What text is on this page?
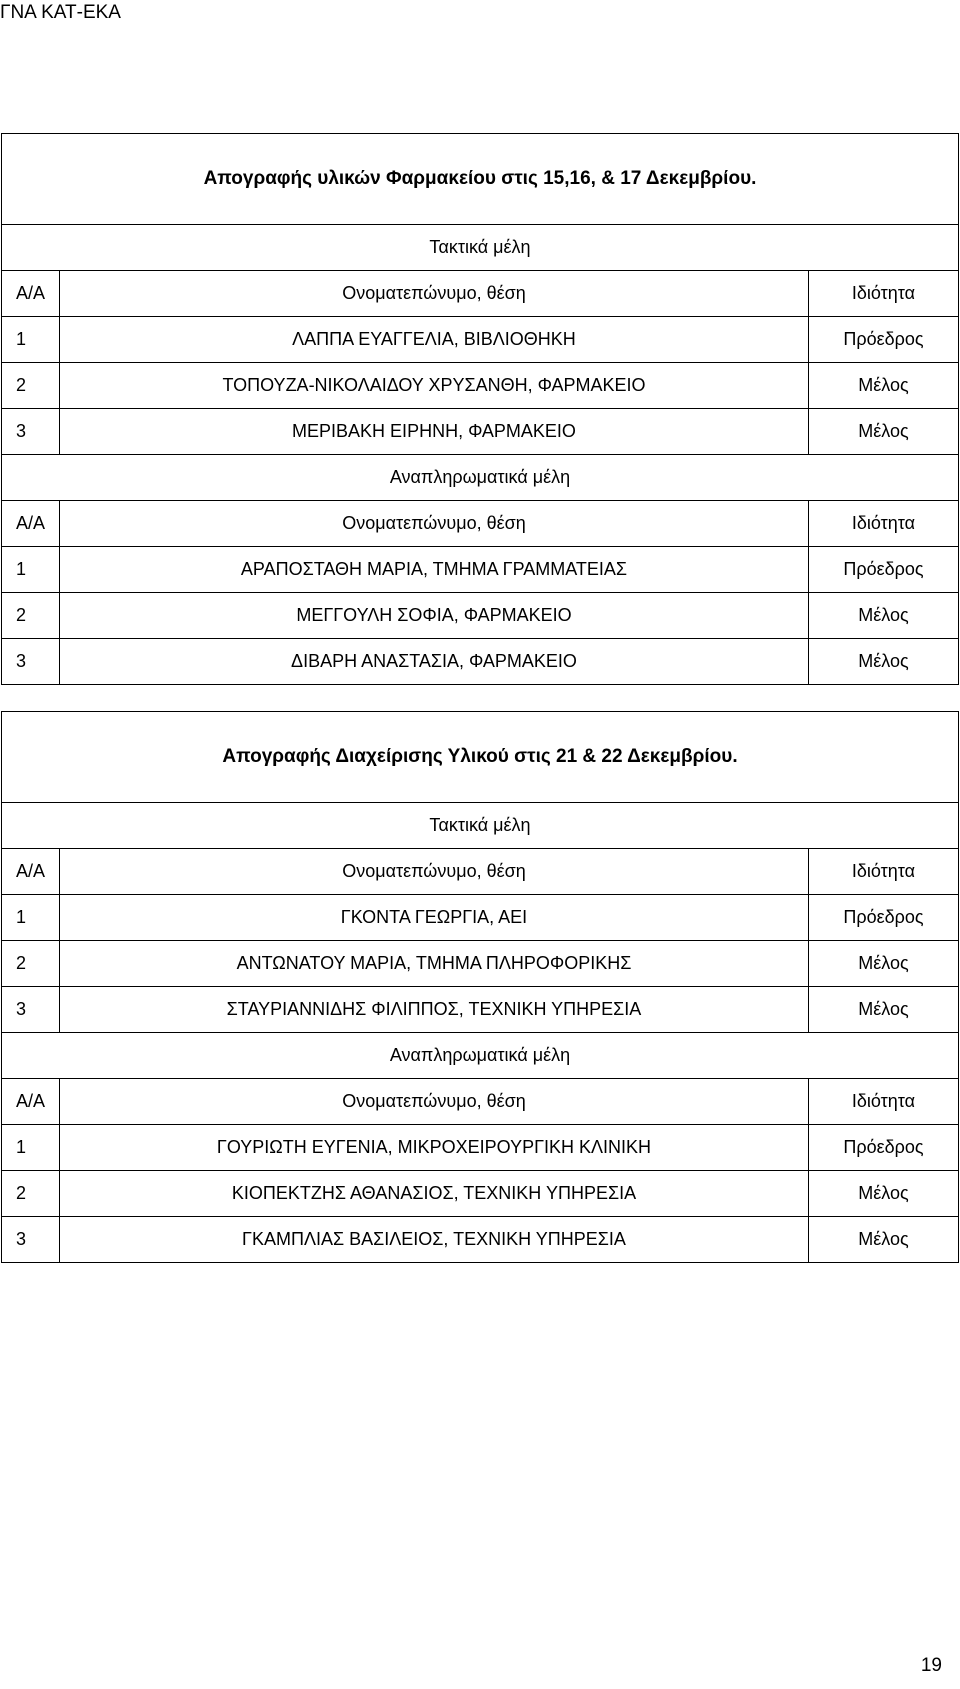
ΓΝΑ ΚΑΤ-ΕΚΑ
Απογραφής υλικών Φαρμακείου στις 15,16, & 17 Δεκεμβρίου.		
Τακτικά μέλη		
Α/Α	Ονοματεπώνυμο, θέση	Ιδιότητα
1	ΛΑΠΠΑ ΕΥΑΓΓΕΛΙΑ, ΒΙΒΛΙΟΘΗΚΗ	Πρόεδρος
2	ΤΟΠΟΥΖΑ-ΝΙΚΟΛΑΙΔΟΥ ΧΡΥΣΑΝΘΗ, ΦΑΡΜΑΚΕΙΟ	Μέλος
3	ΜΕΡΙΒΑΚΗ ΕΙΡΗΝΗ, ΦΑΡΜΑΚΕΙΟ	Μέλος
Αναπληρωματικά μέλη		
Α/Α	Ονοματεπώνυμο, θέση	Ιδιότητα
1	ΑΡΑΠΟΣΤΑΘΗ ΜΑΡΙΑ, ΤΜΗΜΑ ΓΡΑΜΜΑΤΕΙΑΣ	Πρόεδρος
2	ΜΕΓΓΟΥΛΗ ΣΟΦΙΑ, ΦΑΡΜΑΚΕΙΟ	Μέλος
3	ΔΙΒΑΡΗ ΑΝΑΣΤΑΣΙΑ, ΦΑΡΜΑΚΕΙΟ	Μέλος
Απογραφής Διαχείρισης Υλικού στις 21 & 22 Δεκεμβρίου.		
Τακτικά μέλη		
Α/Α	Ονοματεπώνυμο, θέση	Ιδιότητα
1	ΓΚΟΝΤΑ ΓΕΩΡΓΙΑ, ΑΕΙ	Πρόεδρος
2	ΑΝΤΩΝΑΤΟΥ ΜΑΡΙΑ, ΤΜΗΜΑ ΠΛΗΡΟΦΟΡΙΚΗΣ	Μέλος
3	ΣΤΑΥΡΙΑΝΝΙΔΗΣ ΦΙΛΙΠΠΟΣ, ΤΕΧΝΙΚΗ ΥΠΗΡΕΣΙΑ	Μέλος
Αναπληρωματικά μέλη		
Α/Α	Ονοματεπώνυμο, θέση	Ιδιότητα
1	ΓΟΥΡΙΩΤΗ ΕΥΓΕΝΙΑ, ΜΙΚΡΟΧΕΙΡΟΥΡΓΙΚΗ ΚΛΙΝΙΚΗ	Πρόεδρος
2	ΚΙΟΠΕΚΤΖΗΣ ΑΘΑΝΑΣΙΟΣ, ΤΕΧΝΙΚΗ ΥΠΗΡΕΣΙΑ	Μέλος
3	ΓΚΑΜΠΛΙΑΣ ΒΑΣΙΛΕΙΟΣ, ΤΕΧΝΙΚΗ ΥΠΗΡΕΣΙΑ	Μέλος
19
